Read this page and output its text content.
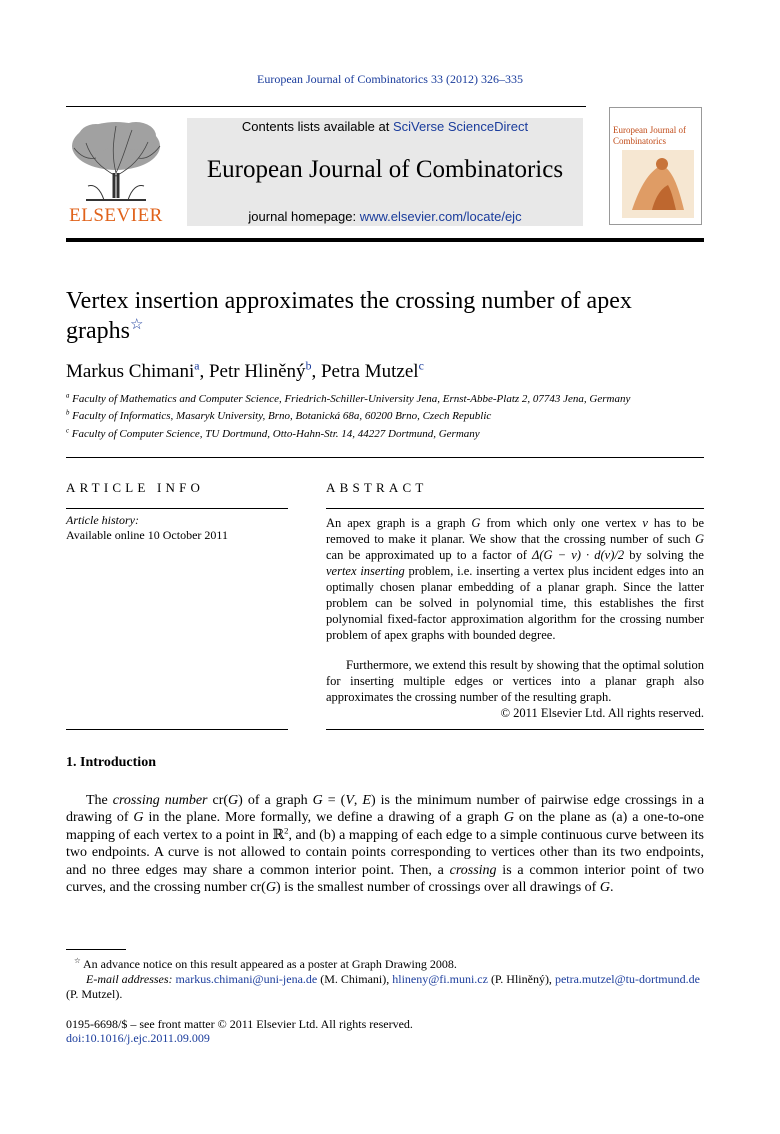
European Journal of Combinatorics 33 (2012) 326–335
ELSEVIER
Contents lists available at SciVerse ScienceDirect
European Journal of Combinatorics
journal homepage: www.elsevier.com/locate/ejc
European Journal of Combinatorics
Vertex insertion approximates the crossing number of apex graphs☆
Markus Chimani$^a$, Petr Hliněný$^b$, Petra Mutzel$^c$
$^a$ Faculty of Mathematics and Computer Science, Friedrich-Schiller-University Jena, Ernst-Abbe-Platz 2, 07743 Jena, Germany
$^b$ Faculty of Informatics, Masaryk University, Brno, Botanická 68a, 60200 Brno, Czech Republic
$^c$ Faculty of Computer Science, TU Dortmund, Otto-Hahn-Str. 14, 44227 Dortmund, Germany
ARTICLE INFO	ABSTRACT
Article history:
Available online 10 October 2011
An apex graph is a graph G from which only one vertex v has to be removed to make it planar. We show that the crossing number of such G can be approximated up to a factor of Δ(G − v) · d(v)/2 by solving the vertex inserting problem, i.e. inserting a vertex plus incident edges into an optimally chosen planar embedding of a planar graph. Since the latter problem can be solved in polynomial time, this establishes the first polynomial fixed-factor approximation algorithm for the crossing number problem of apex graphs with bounded degree.
Furthermore, we extend this result by showing that the optimal solution for inserting multiple edges or vertices into a planar graph also approximates the crossing number of the resulting graph.
© 2011 Elsevier Ltd. All rights reserved.
1. Introduction
The crossing number cr(G) of a graph G = (V, E) is the minimum number of pairwise edge crossings in a drawing of G in the plane. More formally, we define a drawing of a graph G on the plane as (a) a one-to-one mapping of each vertex to a point in ℝ$^2$, and (b) a mapping of each edge to a simple continuous curve between its two endpoints. A curve is not allowed to contain points corresponding to vertices other than its two endpoints, and no three edges may share a common interior point. Then, a crossing is a common interior point of two curves, and the crossing number cr(G) is the smallest number of crossings over all drawings of G.
☆ An advance notice on this result appeared as a poster at Graph Drawing 2008.
E-mail addresses: markus.chimani@uni-jena.de (M. Chimani), hlineny@fi.muni.cz (P. Hliněný), petra.mutzel@tu-dortmund.de (P. Mutzel).
0195-6698/$ – see front matter © 2011 Elsevier Ltd. All rights reserved.
doi:10.1016/j.ejc.2011.09.009
